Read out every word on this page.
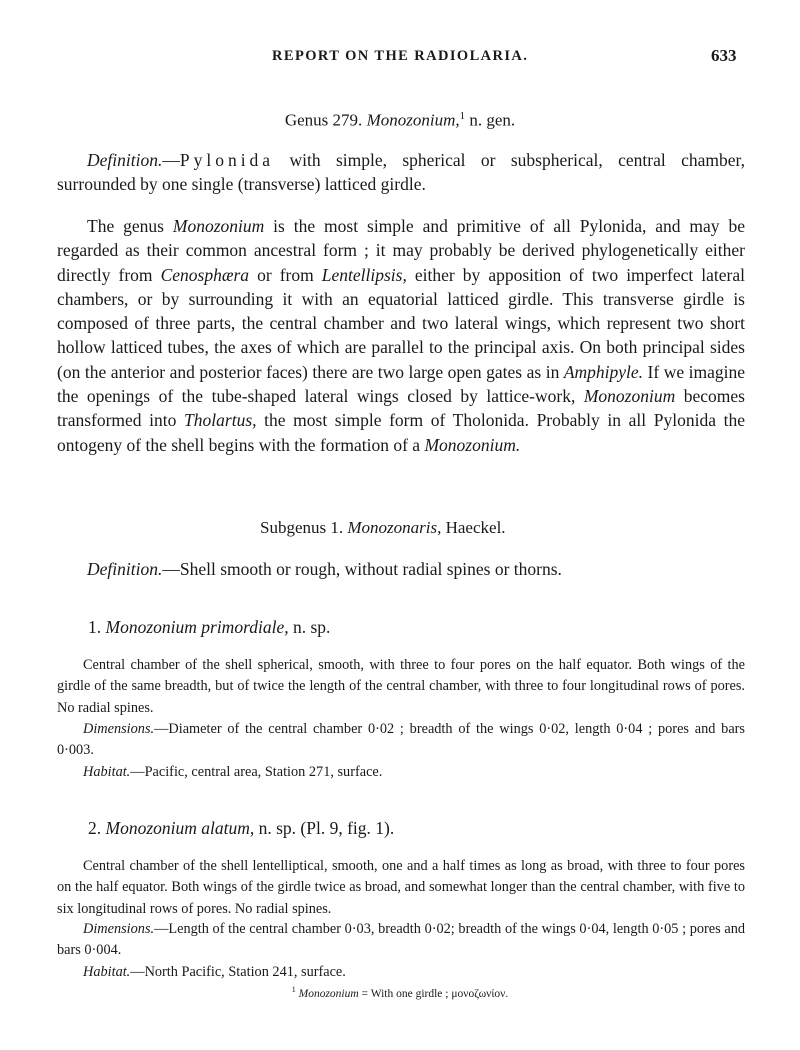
REPORT ON THE RADIOLARIA.	633
Genus 279. Monozonium,$^1$ n. gen.

Definition.—Pylonida with simple, spherical or subspherical, central chamber, surrounded by one single (transverse) latticed girdle.

The genus Monozonium is the most simple and primitive of all Pylonida, and may be regarded as their common ancestral form ; it may probably be derived phylogenetically either directly from Cenosphæra or from Lentellipsis, either by apposition of two imperfect lateral chambers, or by surrounding it with an equatorial latticed girdle. This transverse girdle is composed of three parts, the central chamber and two lateral wings, which represent two short hollow latticed tubes, the axes of which are parallel to the principal axis. On both principal sides (on the anterior and posterior faces) there are two large open gates as in Amphipyle. If we imagine the openings of the tube-shaped lateral wings closed by lattice-work, Monozonium becomes transformed into Tholartus, the most simple form of Tholonida. Probably in all Pylonida the ontogeny of the shell begins with the formation of a Monozonium.

Subgenus 1. Monozonaris, Haeckel.

Definition.—Shell smooth or rough, without radial spines or thorns.

1. Monozonium primordiale, n. sp.

Central chamber of the shell spherical, smooth, with three to four pores on the half equator. Both wings of the girdle of the same breadth, but of twice the length of the central chamber, with three to four longitudinal rows of pores. No radial spines.

Dimensions.—Diameter of the central chamber 0·02 ; breadth of the wings 0·02, length 0·04 ; pores and bars 0·003.

Habitat.—Pacific, central area, Station 271, surface.

2. Monozonium alatum, n. sp. (Pl. 9, fig. 1).

Central chamber of the shell lentelliptical, smooth, one and a half times as long as broad, with three to four pores on the half equator. Both wings of the girdle twice as broad, and somewhat longer than the central chamber, with five to six longitudinal rows of pores. No radial spines.

Dimensions.—Length of the central chamber 0·03, breadth 0·02; breadth of the wings 0·04, length 0·05 ; pores and bars 0·004.

Habitat.—North Pacific, Station 241, surface.

$^1$ Monozonium = With one girdle ; μονοζωνίον.
